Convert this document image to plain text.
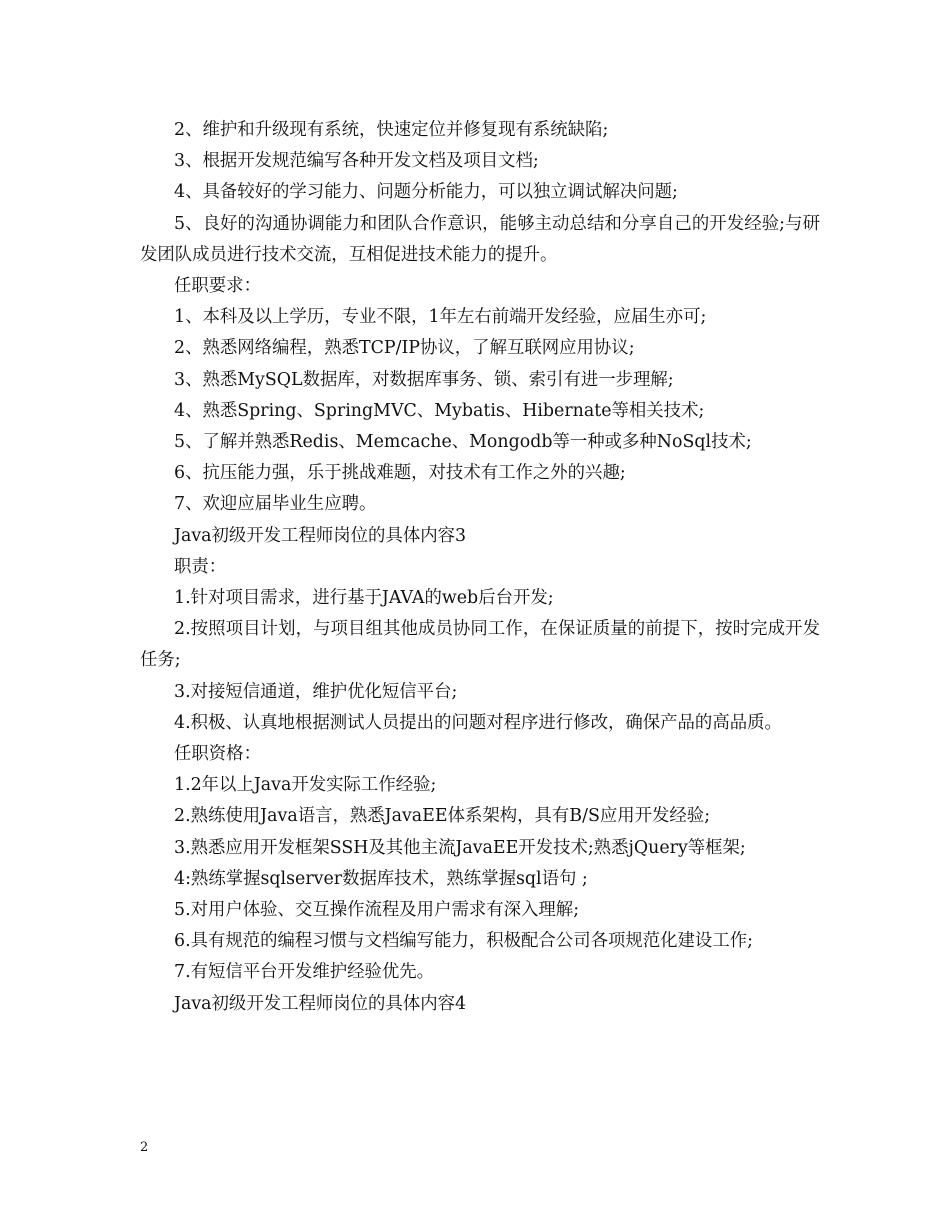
2、维护和升级现有系统，快速定位并修复现有系统缺陷;

3、根据开发规范编写各种开发文档及项目文档;

4、具备较好的学习能力、问题分析能力，可以独立调试解决问题;

5、良好的沟通协调能力和团队合作意识，能够主动总结和分享自己的开发经验;与研发团队成员进行技术交流，互相促进技术能力的提升。

任职要求：

1、本科及以上学历，专业不限，1年左右前端开发经验，应届生亦可;

2、熟悉网络编程，熟悉TCP/IP协议，了解互联网应用协议;

3、熟悉MySQL数据库，对数据库事务、锁、索引有进一步理解;

4、熟悉Spring、SpringMVC、Mybatis、Hibernate等相关技术;

5、了解并熟悉Redis、Memcache、Mongodb等一种或多种NoSql技术;

6、抗压能力强，乐于挑战难题，对技术有工作之外的兴趣;

7、欢迎应届毕业生应聘。

Java初级开发工程师岗位的具体内容3

职责：

1.针对项目需求，进行基于JAVA的web后台开发;

2.按照项目计划，与项目组其他成员协同工作，在保证质量的前提下，按时完成开发任务;

3.对接短信通道，维护优化短信平台;

4.积极、认真地根据测试人员提出的问题对程序进行修改，确保产品的高品质。

任职资格：

1.2年以上Java开发实际工作经验;

2.熟练使用Java语言，熟悉JavaEE体系架构，具有B/S应用开发经验;

3.熟悉应用开发框架SSH及其他主流JavaEE开发技术;熟悉jQuery等框架;

4:熟练掌握sqlserver数据库技术，熟练掌握sql语句 ;

5.对用户体验、交互操作流程及用户需求有深入理解;

6.具有规范的编程习惯与文档编写能力，积极配合公司各项规范化建设工作;

7.有短信平台开发维护经验优先。

Java初级开发工程师岗位的具体内容4

2
